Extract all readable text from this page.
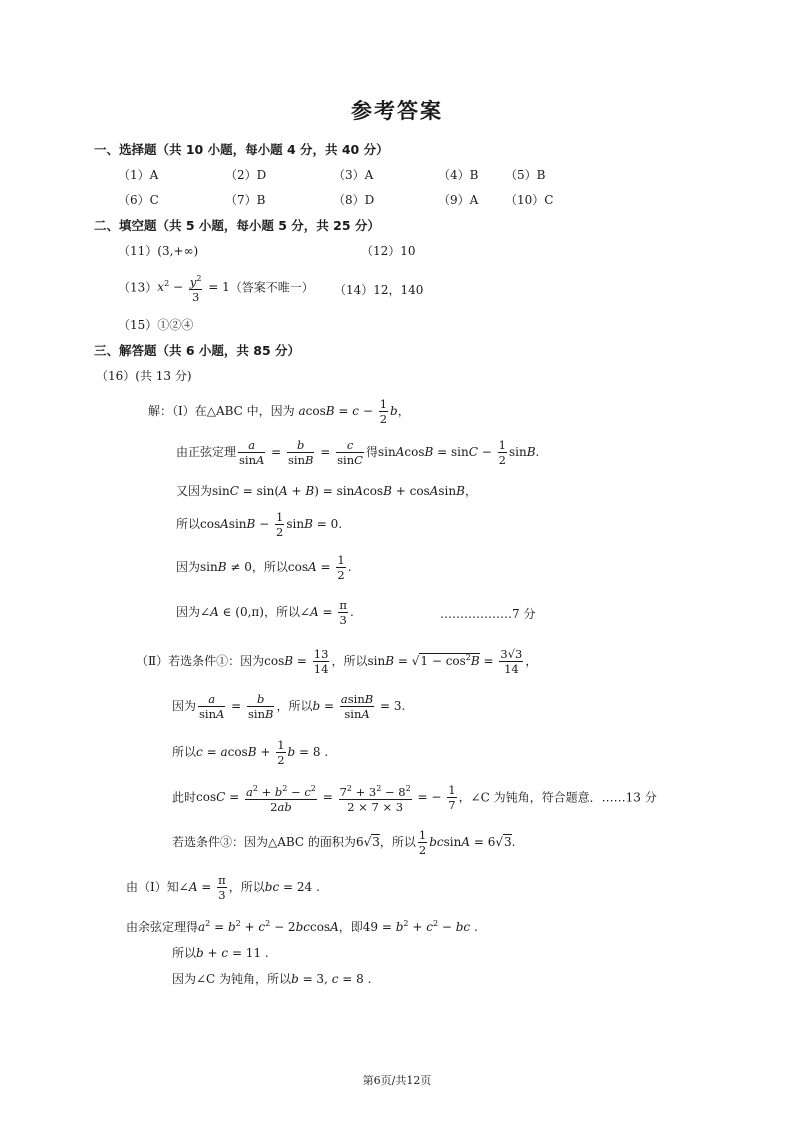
参考答案
一、选择题（共 10 小题，每小题 4 分，共 40 分）
（1）A	（2）D	（3）A	（4）B （5）B
（6）C	（7）B	（8）D	（9）A （10）C
二、填空题（共 5 小题，每小题 5 分，共 25 分）
（11）(3,+∞)	（12）10
$(13)x^2 - \frac{y^2}{3} = 1$（答案不唯一） （14）12，140
（15）①②④
三、解答题（共 6 小题，共 85 分）
（16）(共 13 分)
解：（Ⅰ）在△ABC 中，因为 $acosB = c - \frac{1}{2}$ b，
由正弦定理 $\frac{a}{\sin A} = \frac{b}{\sin B} = \frac{c}{\sin C}$ 得sinAcosB = $\sin C - \frac{1}{2} \sin B$.
又因为sinC = sin(A + B) = sinAcosB + cosAsinB，
所以cosAsinB − $\frac{1}{2}$ sinB = 0.
因为sinB ≠ 0，所以$\cos A = \frac{1}{2}$ .
因为∠A ∈ (0,π)，所以∠A = $\frac{\pi}{3}$ .	………………7 分
（Ⅱ）若选条件①：因为$\cos B = \frac{13}{14}$ ，所以$\sin B = √1 - \cos^2B = \frac{3√3}{14}$ ，
因为 $\frac{a}{\sin A} = \frac{b}{\sin B}$ ，所以$b = \frac{asinB}{\sin A} = 3$.
所以$c = acosB + \frac{1}{2}$ b = 8 .
此时$\cos C = \frac{a^2 + b^2 - c^2}{2ab} = \frac{7^2 + 3^2 - 8^2}{2 \times 7 \times 3}$ = − $\frac{1}{7}$ ，∠C 为钝角，符合题意．……13 分
若选条件③：因为△ABC 的面积为6√3，所以 $\frac{1}{2}$ bcsinA = 6√3.
由（Ⅰ）知∠A = $\frac{\pi}{3}$ ，所以bc = 24 .
由余弦定理得$a^2 = b^2 + c^2 - 2bccosA$，即$49 = b^2 + c^2$ − bc .
所以b + c = 11 .
因为∠C 为钝角，所以b = 3, c = 8 .
第6页/共12页
